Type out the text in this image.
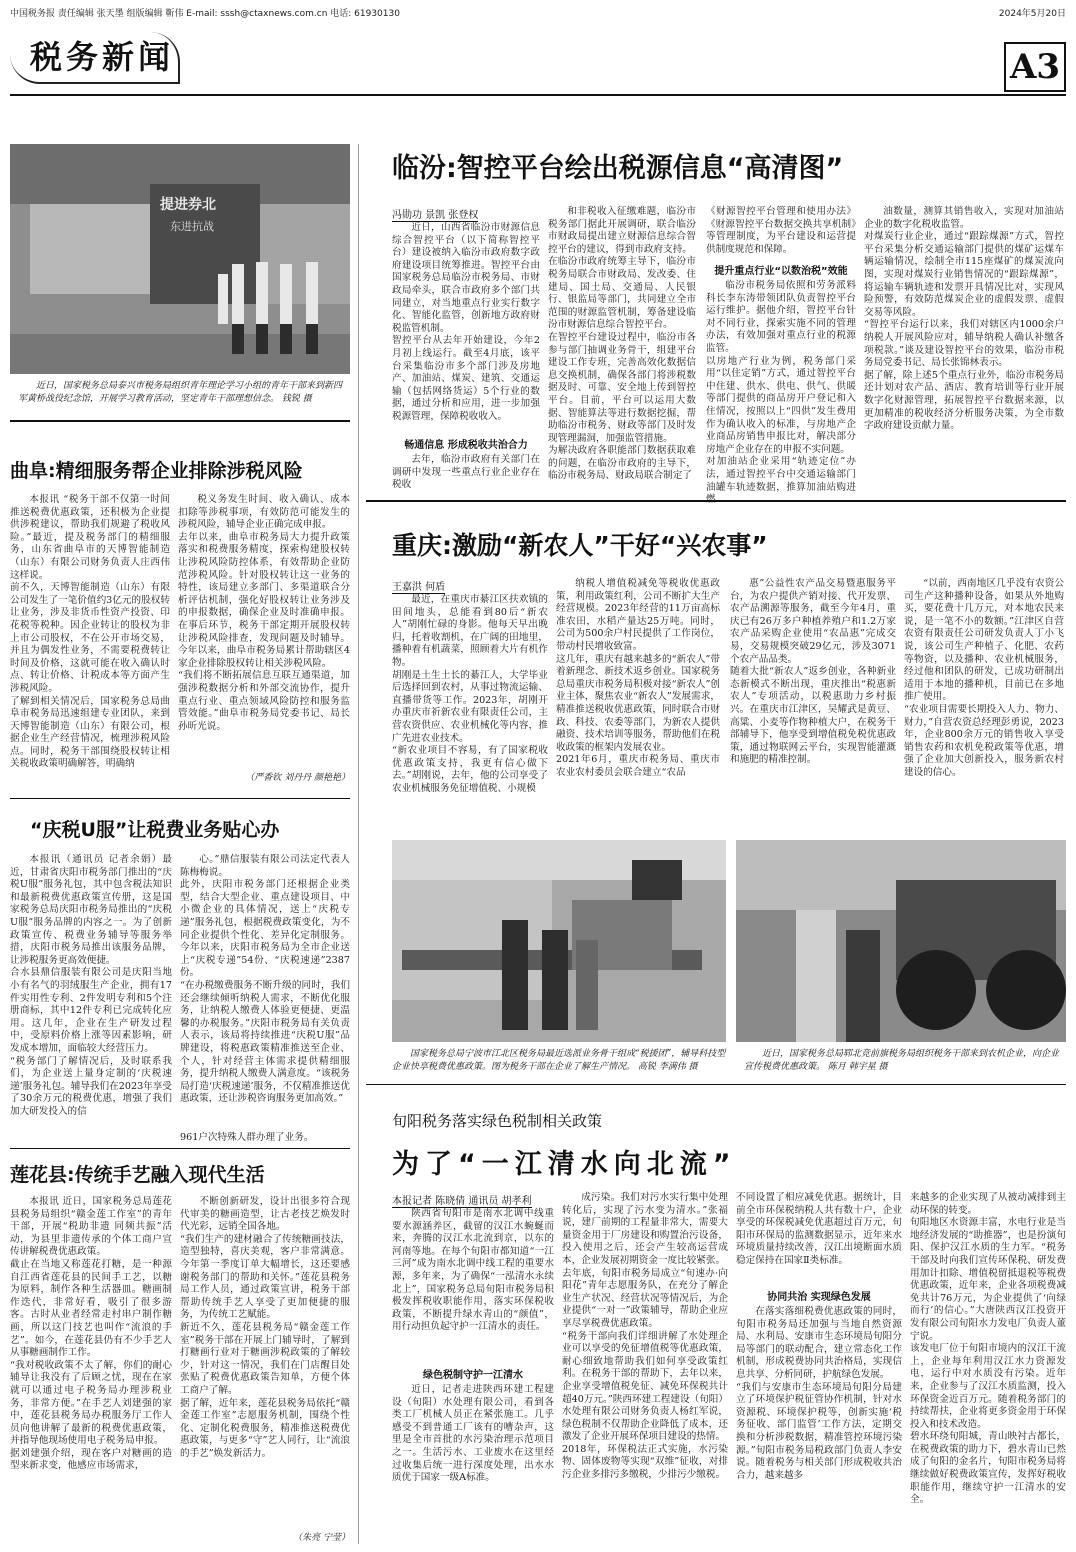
中国税务报 责任编辑 张天墨 组版编辑 靳伟 E-mail: sssh@ctaxnews.com.cn 电话: 61930130	2024年5月20日
税务新闻	A3
提进券北
东进抗战
近日，国家税务总局泰兴市税务局组织青年理论学习小组的青年干部来到新四军黄桥战役纪念馆，开展学习教育活动，坚定青年干部理想信念。 钱锐 摄
临汾:智控平台绘出税源信息“高清图”
冯勋功 景凯 张登权
近日，山西省临汾市财源信息综合智控平台（以下简称智控平台）建设被纳入临汾市政府数字政府建设项目统筹推进。智控平台由国家税务总局临汾市税务局、市财政局牵头，联合市政府多个部门共同建立，对当地重点行业实行数字化、智能化监管，创新地方政府财税监管机制。
智控平台从去年开始建设，今年2月初上线运行。截至4月底，该平台采集临汾市多个部门涉及房地产、加油站、煤炭、建筑、交通运输（包括网络货运）5个行业的数据，通过分析和应用，进一步加强税源管理，保障税收收入。
畅通信息 形成税收共治合力
去年，临汾市政府有关部门在调研中发现一些重点行业企业存在税收
和非税收入征缴难题，临汾市税务部门据此开展调研，联合临汾市财政局提出建立财源信息综合智控平台的建议，得到市政府支持。
在临汾市政府统筹主导下，临汾市税务局联合市财政局、发改委、住建局、国土局、交通局、人民银行、银监局等部门，共同建立全市范围的财源监管机制，筹备建设临汾市财源信息综合智控平台。
在智控平台建设过程中，临汾市各参与部门抽调业务骨干，组建平台建设工作专班，完善高效化数据信息交换机制，确保各部门将涉税数据及时、可靠、安全地上传到智控平台。目前，平台可以运用大数据、智能算法等进行数据挖掘，帮助临汾市税务、财政等部门及时发现管理漏洞，加强监管措施。
为解决政府各职能部门数据获取难的问题，在临汾市政府的主导下，临汾市税务局、财政局联合制定了
《财源智控平台管理和使用办法》《财源智控平台数据交换共享机制》等管理制度，为平台建设和运营提供制度规范和保障。
提升重点行业“以数治税”效能
临汾市税务局依照和劳务派料科长李东涛带领团队负责智控平台运行维护。据他介绍，智控平台针对不同行业，探索实施不同的管理办法，有效加强对重点行业的税源监管。
以房地产行业为例，税务部门采用“以住定销”方式，通过智控平台中住建、供水、供电、供气、供暖等部门提供的商品房开户登记和入住情况，按照以上“四供”发生费用作为确认收入的标准，与房地产企业商品房销售申报比对，解决部分房地产企业存在的申报不实问题。
对加油站企业采用“轨迹定位”办法，通过智控平台中交通运输部门油罐车轨迹数据，推算加油站购进
油数量，测算其销售收入，实现对加油站企业的数字化税收监管。
对煤炭行业企业，通过“跟踪煤源”方式，智控平台采集分析交通运输部门提供的煤矿运煤车辆运输情况，绘制全市115座煤矿的煤炭流向图，实现对煤炭行业销售情况的“跟踪煤源”，将运输车辆轨迹和发票开具情况比对，实现风险预警，有效防范煤炭企业的虚假发票、虚假交易等风险。
“智控平台运行以来，我们对辖区内1000余户纳税人开展风险应对，辅导纳税人确认补缴各项税款。”谈及建设智控平台的效果，临汾市税务局党委书记、局长张锦林表示。
据了解，除上述5个重点行业外，临汾市税务局还计划对农产品、酒店、教育培训等行业开展数字化财源管理，拓展智控平台数据来源，以更加精准的税收经济分析服务决策，为全市数字政府建设贡献力量。
曲阜:精细服务帮企业排除涉税风险
本报讯 “税务干部不仅第一时间推送税费优惠政策，还积极为企业提供涉税建议，帮助我们规避了税收风险。”最近，提及税务部门的精细服务，山东省曲阜市的天博智能制造（山东）有限公司财务负责人庄西伟这样说。
前不久，天博智能制造（山东）有限公司发生了一笔价值约3亿元的股权转让业务，涉及非货币性资产投资、印花税等税种。因企业转让的股权为非上市公司股权，不在公开市场交易，并且为偶发性业务，不需要税费转让时间及价格，这就可能在收入确认时点、转让价格、计税成本等方面产生涉税风险。
了解到相关情况后，国家税务总局曲阜市税务局迅速组建专业团队，来到天博智能制造（山东）有限公司，根据企业生产经营情况，梳理涉税风险点。同时，税务干部围绕股权转让相关税收政策明确解答，明确纳
税义务发生时间、收入确认、成本扣除等涉税事项，有效防范可能发生的涉税风险，辅导企业正确完成申报。
去年以来，曲阜市税务局大力提升政策落实和税费服务精度，探索构建股权转让涉税风险防控体系，有效帮助企业防范涉税风险。针对股权转让这一业务的特性，该局建立多部门、多渠道联合分析评估机制，强化好股权转让业务涉及的申报数据，确保企业及时准确申报。在事后环节，税务干部定期开展股权转让涉税风险排查，发现问题及时辅导。今年以来，曲阜市税务局累计帮助辖区4家企业排除股权转让相关涉税风险。
“我们将不断拓展信息互联互通渠道，加强涉税数据分析和外部交流协作，提升重点行业、重点领域风险防控和服务监管效能。”曲阜市税务局党委书记、局长孙昕光说。
（严香钦 刘丹丹 颜艳艳）
“庆税U服”让税费业务贴心办
本报讯（通讯员 记者余娟）最近，甘肃省庆阳市税务部门推出的“庆税U服”服务礼包，其中包含税法知识和最新税费优惠政策宣传册，这是国家税务总局庆阳市税务局推出的“庆税U服”服务品牌的内容之一。为了创新政策宣传、税费业务辅导等服务举措，庆阳市税务局推出该服务品牌，让涉税服务更高效便捷。
合水县鼎信服装有限公司是庆阳当地小有名气的羽绒服生产企业，拥有17件实用性专利、2件发明专利和5个注册商标，其中12件专利已完成转化应用。这几年，企业在生产研发过程中，受原料价格上涨等因素影响，研发成本增加，面临较大经营压力。
“税务部门了解情况后，及时联系我们，为企业送上量身定制的‘庆税速递’服务礼包。辅导我们在2023年享受了30余万元的税费优惠，增强了我们加大研发投入的信
心。”鼎信服装有限公司法定代表人陈梅梅说。
此外，庆阳市税务部门还根据企业类型，结合大型企业、重点建设项目、中小微企业的具体情况，送上“庆税专递”服务礼包，根据税费政策变化，为不同企业提供个性化、差异化定制服务。今年以来，庆阳市税务局为全市企业送上“庆税专递”54份、“庆税速递”2387份。
“在办税缴费服务不断升级的同时，我们还会继续倾听纳税人需求，不断优化服务，让纳税人缴费人体验更便捷、更温馨的办税服务。”庆阳市税务局有关负责人表示，该局将持续推进“庆税U服”品牌建设，将税惠政策精准推送至企业、个人，针对经营主体需求提供精细服务，提升纳税人缴费人满意度。“该税务局打造‘庆税速递’服务，不仅精准推送优惠政策，还让涉税咨询服务更加高效。”
961户次特殊人群办理了业务。
莲花县:传统手艺融入现代生活
本报讯 近日，国家税务总局莲花县税务局组织“赣金莲工作室”的青年干部，开展“税助非遗 同频共振”活动，为县里非遗传承的个体工商户宣传讲解税费优惠政策。
截止在当地又称莲花打糖，是一种源自江西省莲花县的民间手工艺，以糖为原料，制作各种生活器皿。糖画制作迭代，非常好看，吸引了很多游客。古时从业者经常走村串户制作糖画，所以这门技艺也叫作“流浪的手艺”。如今，在莲花县仍有不少手艺人从事糖画制作工作。
“我对税收政策不太了解，你们的耐心辅导让我没有了后顾之忧，现在在家就可以通过电子税务局办理涉税业务，非常方便。”在手艺人刘建强的家中，莲花县税务局办税服务厅工作人员向他讲解了最新的税费优惠政策，并指导他现场使用电子税务局申报。
据刘建强介绍，现在客户对糖画的造型来新求变，他感应市场需求，
不断创新研发，设计出很多符合现代审美的糖画造型，让古老技艺焕发时代光彩，远销全国各地。
“我们生产的建材融合了传统糖画技法，造型独特，喜庆美观，客户非常满意。今年第一季度订单大幅增长，这还要感谢税务部门的帮助和关怀。”莲花县税务局工作人员，通过政策宣讲，税务干部帮助传统手艺人享受了更加便捷的服务，为传统工艺赋能。
新近不久，莲花县税务局“赣金莲工作室”税务干部在开展上门辅导时，了解到打糖画行业对于糖画涉税政策的了解较少，针对这一情况，我们在门店醒目处张贴了税费优惠政策告知单，方便个体工商户了解。
据了解，近年来，莲花县税务局依托“赣金莲工作室”志愿服务机制，围绕个性化、定制化税费服务，精准推送税费优惠政策，与更多“守”艺人同行，让“流浪的手艺”焕发新活力。
（朱亮 宁莹）
重庆:激励“新农人”干好“兴农事”
王嘉洪 何盾
最近，在重庆市綦江区扶欢镇的田间地头，总能看到80后“新农人”胡刚忙碌的身影。他每天早出晚归，托着收割机，在广阔的田地里，播种着有机蔬菜，照顾着大片有机作物。
胡刚是土生土长的綦江人，大学毕业后选择回到农村，从事过物流运输、直播带货等工作。2023年，胡刚开办重庆市祈新农业有限责任公司，主营农资供应、农业机械化等内容，推广先进农业技术。
“新农业项目不容易，有了国家税收优惠政策支持，我更有信心做下去。”胡刚说，去年，他的公司享受了农业机械服务免征增值税、小规模
纳税人增值税减免等税收优惠政策，利用政策红利，公司不断扩大生产经营规模。2023年经营的11万亩高标准农田，水稻产量达25万吨。同时，公司为500余户村民提供了工作岗位，带动村民增收致富。
这几年，重庆有越来越多的“新农人”带着新理念、新技术返乡创业。国家税务总局重庆市税务局积极对接“新农人”创业主体，聚焦农业“新农人”发展需求，精准推送税收优惠政策，同时联合市财政、科技、农委等部门，为新农人提供融资、技术培训等服务，帮助他们在税收政策的框架内发展农业。
2021年6月，重庆市税务局、重庆市农业农村委员会联合建立“农品
惠”公益性农产品交易暨惠服务平台，为农户提供产销对接、代开发票、农产品溯源等服务，截至今年4月，重庆已有26万多户种植养殖户和1.2万家农产品采购企业使用“农品惠”完成交易，交易规模突破29亿元，涉及3071个农产品品类。
随着大批“新农人”返乡创业，各种新业态新模式不断出现，重庆推出“税惠新农人”专项活动，以税惠助力乡村振兴。在重庆市江津区，吴耀武是黄豆、高粱、小麦等作物种植大户，在税务干部辅导下，他享受到增值税免税优惠政策，通过物联网云平台，实现智能灌溉和施肥的精准控制。
“以前，西南地区几乎没有农资公司生产这种播种设备，如果从外地购买，要花费十几万元，对本地农民来说，是一笔不小的数额。”江津区自营农资有限责任公司研发负责人丁小飞说，该公司生产种植子、化肥、农药等物资，以及播种、农业机械服务，经过他和团队的研发，已成功研制出适用于本地的播种机，目前已在多地推广使用。
“农业项目需要长期投入人力、物力、财力，”自营农资总经理彭勇说，2023年，企业800余万元的销售收入享受销售农药和农机免税政策等优惠，增强了企业加大创新投入，服务新农村建设的信心。
国家税务总局宁波市江北区税务局最近选派业务骨干组成“税援团”，辅导科技型企业快享税费优惠政策。图为税务干部在企业了解生产情况。 高锐 李满伟 摄
近日，国家税务总局郓北竞前旗税务局组织税务干部来到农机企业，向企业宣传税费优惠政策。 陈月 韩宇星 摄
旬阳税务落实绿色税制相关政策
为了“一江清水向北流”
本报记者 陈晓倩 通讯员 胡孝利
陕西省旬阳市是南水北调中线重要水源涵养区，截留的汉江水蜿蜒而来，奔腾的汉江水北流到京，以东的河南等地。在每个旬阳市都知道“一江三河”成为南水北调中线工程的重要水源，多年来，为了确保“一泓清水永续北上”，国家税务总局旬阳市税务局积极发挥税收职能作用，落实环保税收政策，不断提升绿水青山的“颜值”，用行动担负起守护一江清水的责任。
绿色税制守护一江清水
近日，记者走进陕西环建工程建设（旬阳）水处理有限公司，看到各类工厂机械人员正在紧张施工。几乎感受不到普通工厂该有的嘈杂声，这里是全市首批的水污染治理示范项目之一。生活污水、工业废水在这里经过收集后统一进行深度处理，出水水质优于国家一级A标准。
成污染。我们对污水实行集中处理转化后，实现了污水变为清水。”张福说，建厂前期的工程量非常大，需要大量资金用于厂房建设和购置治污设备，投入使用之后，还会产生较高运营成本，企业发展初期资金一度比较紧张。
去年底，旬阳市税务局成立“旬速办·向阳花”青年志愿服务队，在充分了解企业生产状况、经营状况等情况后，为企业提供“一对一”政策辅导，帮助企业应享尽享税费优惠政策。
“税务干部向我们详细讲解了水处理企业可以享受的免征增值税等优惠政策，耐心细致地帮助我们如何享受政策红利。在税务干部的帮助下，去年以来，企业享受增值税免征、减免环保税共计超40万元。”陕西环建工程建设（旬阳）水处理有限公司财务负责人杨红军说，绿色税制不仅帮助企业降低了成本，还激发了企业开展环保项目建设的热情。
2018年，环保税法正式实施，水污染物、固体废物等实现“双维”征收，对排污企业多排污多缴税，少排污少缴税。
不同设置了相应减免优惠。据统计，目前全市环保税纳税人共有数十户，企业享受的环保税减免优惠超过百万元，旬阳市环保局的监测数据显示，近年来水环境质量持续改善，汉江出境断面水质稳定保持在国家Ⅱ类标准。
协同共治 实现绿色发展
在落实落细税费优惠政策的同时，旬阳市税务局还加强与当地自然资源局、水利局、安康市生态环境局旬阳分局等部门的联动配合，建立常态化工作机制，形成税费协同共治格局，实现信息共享、分析同研，护航绿色发展。
“我们与安康市生态环境局旬阳分局建立了环境保护税征管协作机制，针对水资源税、环境保护税等，创新实施‘税务征收、部门监管’工作方法，定期交换和分析涉税数据，精准管控环境污染源。”旬阳市税务局税政部门负责人李安说。随着税务与相关部门形成税收共治合力，越来越多
来越多的企业实现了从被动减排到主动环保的转变。
旬阳地区水资源丰富，水电行业是当地经济发展的“助推器”，也是扮演旬阳、保护汉江水质的生力军。“税务干部及时向我们宣传环保税、研发费用加计扣除、增值税留抵退税等税费优惠政策，近年来，企业各项税费减免共计76万元，为企业提供了‘向绿而行’的信心。”大唐陕西汉江投资开发有限公司旬阳水力发电厂负责人董宁说。
该发电厂位于旬阳市境内的汉江干流上，企业每年利用汉江水力资源发电，运行中对水质没有污染。近年来，企业参与了汉江水质监测，投入环保资金近百万元。随着税务部门的持续帮扶，企业将更多资金用于环保投入和技术改造。
碧水环绕旬阳城，青山映衬古都长，在税费政策的助力下，碧水青山已然成了旬阳的金名片，旬阳市税务局将继续做好税费政策宣传，发挥好税收职能作用，继续守护一江清水的安全。
